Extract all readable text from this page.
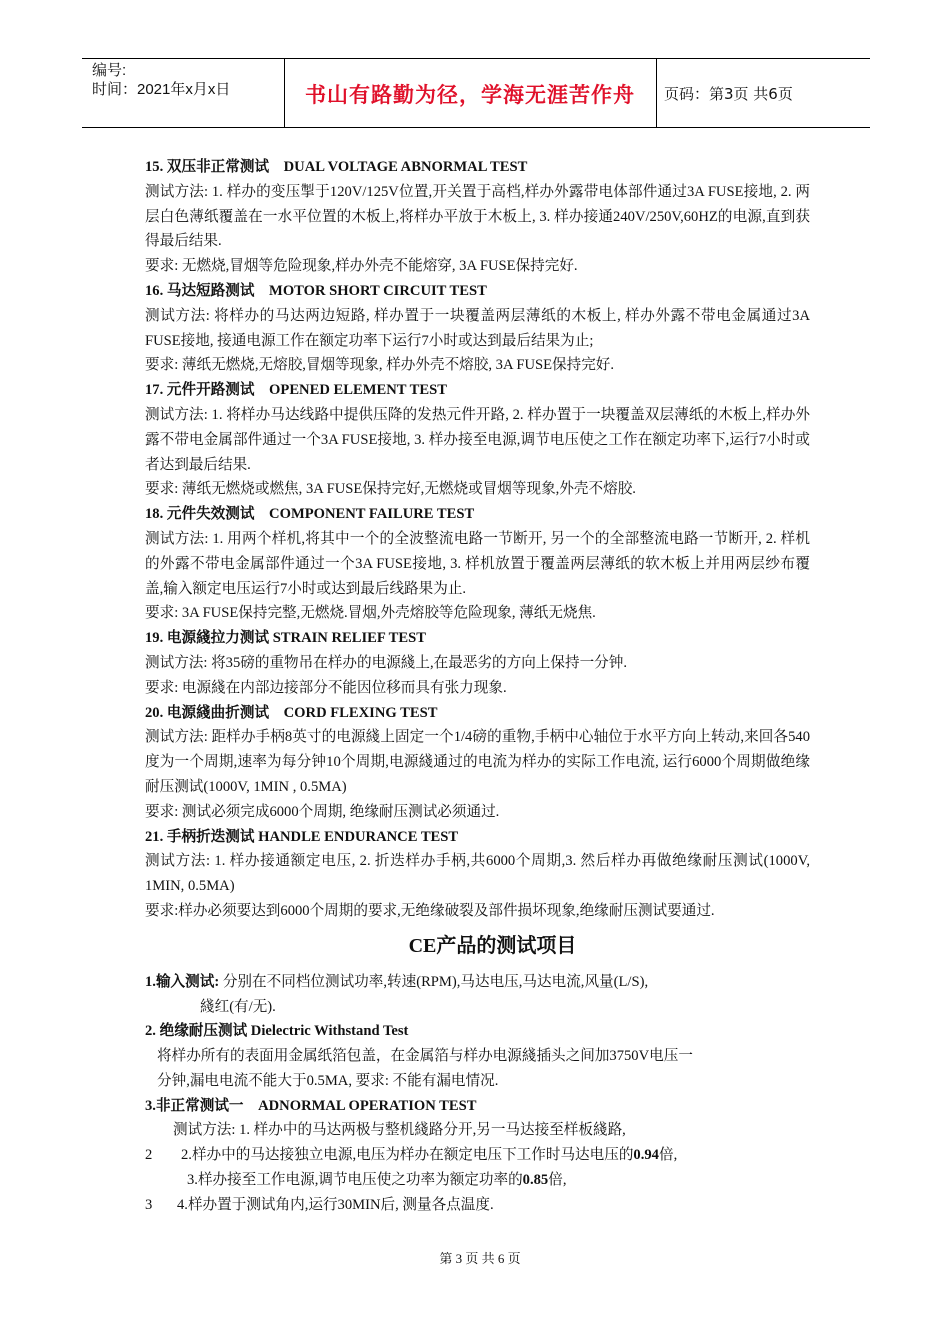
编号:
时间：2021年x月x日	书山有路勤为径，学海无涯苦作舟	页码：第3页 共6页

15. 双压非正常测试　DUAL VOLTAGE ABNORMAL TEST

测试方法: 1. 样办的变压掣于120V/125V位置,开关置于高档,样办外露带电体部件通过3A FUSE接地, 2. 两层白色薄纸覆盖在一水平位置的木板上,将样办平放于木板上, 3. 样办接通240V/250V,60HZ的电源,直到获得最后结果.

要求: 无燃烧,冒烟等危险现象,样办外壳不能熔穿, 3A FUSE保持完好.

16. 马达短路测试　MOTOR SHORT CIRCUIT TEST

测试方法: 将样办的马达两边短路, 样办置于一块覆盖两层薄纸的木板上, 样办外露不带电金属通过3A FUSE接地, 接通电源工作在额定功率下运行7小时或达到最后结果为止;

要求: 薄纸无燃烧,无熔胶,冒烟等现象, 样办外壳不熔胶, 3A FUSE保持完好.

17. 元件开路测试　OPENED ELEMENT TEST

测试方法: 1. 将样办马达线路中提供压降的发热元件开路, 2. 样办置于一块覆盖双层薄纸的木板上,样办外露不带电金属部件通过一个3A FUSE接地, 3. 样办接至电源,调节电压使之工作在额定功率下,运行7小时或者达到最后结果.

要求: 薄纸无燃烧或燃焦, 3A FUSE保持完好,无燃烧或冒烟等现象,外壳不熔胶.

18. 元件失效测试　COMPONENT FAILURE TEST

测试方法: 1. 用两个样机,将其中一个的全波整流电路一节断开, 另一个的全部整流电路一节断开, 2. 样机的外露不带电金属部件通过一个3A FUSE接地, 3. 样机放置于覆盖两层薄纸的软木板上并用两层纱布覆盖,输入额定电压运行7小时或达到最后线路果为止.

要求: 3A FUSE保持完整,无燃烧.冒烟,外壳熔胶等危险现象, 薄纸无烧焦.

19. 电源綫拉力测试 STRAIN RELIEF TEST

测试方法: 将35磅的重物吊在样办的电源綫上,在最恶劣的方向上保持一分钟.

要求: 电源綫在内部边接部分不能因位移而具有张力现象.

20. 电源綫曲折测试　CORD FLEXING TEST

测试方法: 距样办手柄8英寸的电源綫上固定一个1/4磅的重物,手柄中心轴位于水平方向上转动,来回各540度为一个周期,速率为每分钟10个周期,电源綫通过的电流为样办的实际工作电流, 运行6000个周期做绝缘耐压测试(1000V, 1MIN , 0.5MA)

要求: 测试必须完成6000个周期, 绝缘耐压测试必须通过.

21. 手柄折迭测试 HANDLE ENDURANCE TEST

测试方法: 1. 样办接通额定电压, 2. 折迭样办手柄,共6000个周期,3. 然后样办再做绝缘耐压测试(1000V, 1MIN, 0.5MA)

要求:样办必须要达到6000个周期的要求,无绝缘破裂及部件损坏现象,绝缘耐压测试要通过.

CE产品的测试项目

1.输入测试: 分别在不同档位测试功率,转速(RPM),马达电压,马达电流,风量(L/S),

綫红(有/无).

2. 绝缘耐压测试 Dielectric Withstand Test

将样办所有的表面用金属纸箔包盖，在金属箔与样办电源綫插头之间加3750V电压一

分钟,漏电电流不能大于0.5MA, 要求: 不能有漏电情况.

3.非正常测试一　ADNORMAL OPERATION TEST

测试方法: 1. 样办中的马达两极与整机綫路分开,另一马达接至样板綫路,

2 2.样办中的马达接独立电源,电压为样办在额定电压下工作时马达电压的0.94倍,

3.样办接至工作电源,调节电压使之功率为额定功率的0.85倍,

3 4.样办置于测试角内,运行30MIN后, 测量各点温度.

第 3 页 共 6 页
